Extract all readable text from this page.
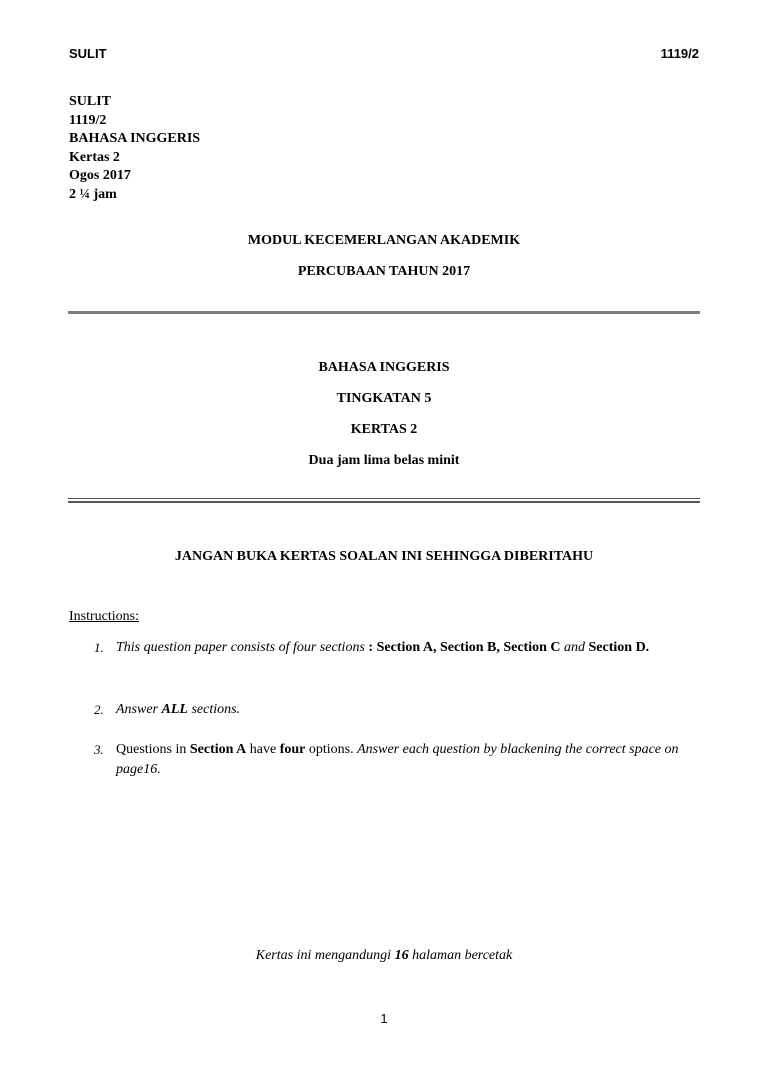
SULIT	1119/2
SULIT
1119/2
BAHASA INGGERIS
Kertas 2
Ogos 2017
2 ¼ jam
MODUL KECEMERLANGAN AKADEMIK
PERCUBAAN TAHUN 2017
BAHASA INGGERIS
TINGKATAN 5
KERTAS 2
Dua jam lima belas minit
JANGAN BUKA KERTAS SOALAN INI SEHINGGA DIBERITAHU
Instructions:
1. This question paper consists of four sections : Section A, Section B, Section C and Section D.
2. Answer ALL sections.
3. Questions in Section A have four options. Answer each question by blackening the correct space on page16.
Kertas ini mengandungi 16 halaman bercetak
1
